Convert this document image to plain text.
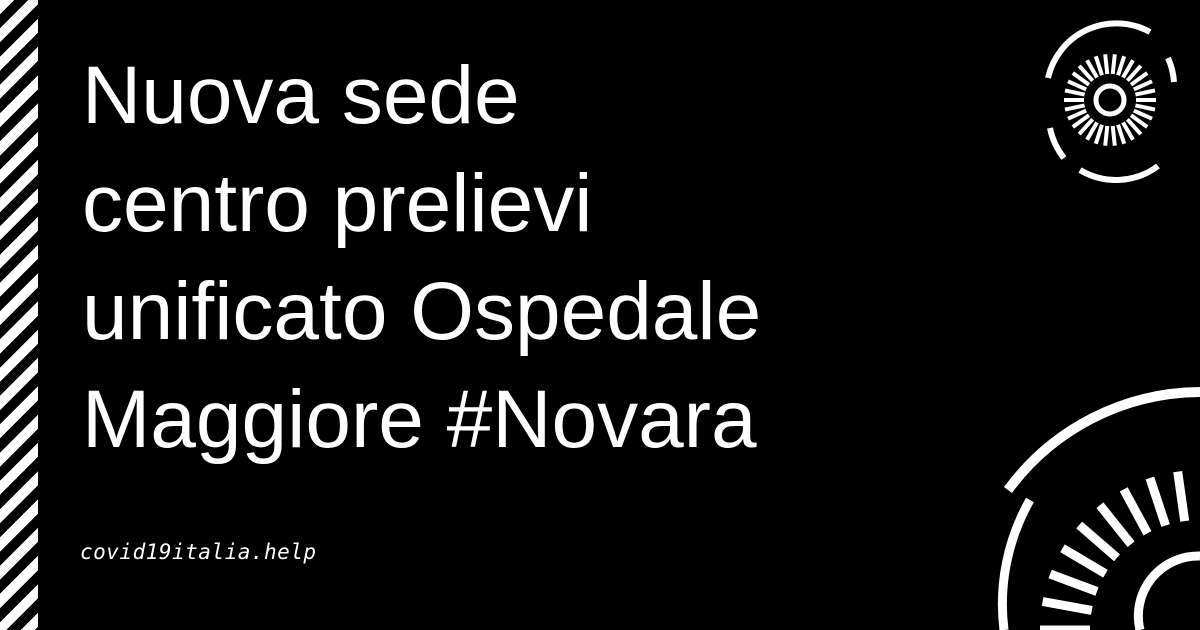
Nuova sede
centro prelievi
unificato Ospedale
Maggiore #Novara
covid19italia.help
